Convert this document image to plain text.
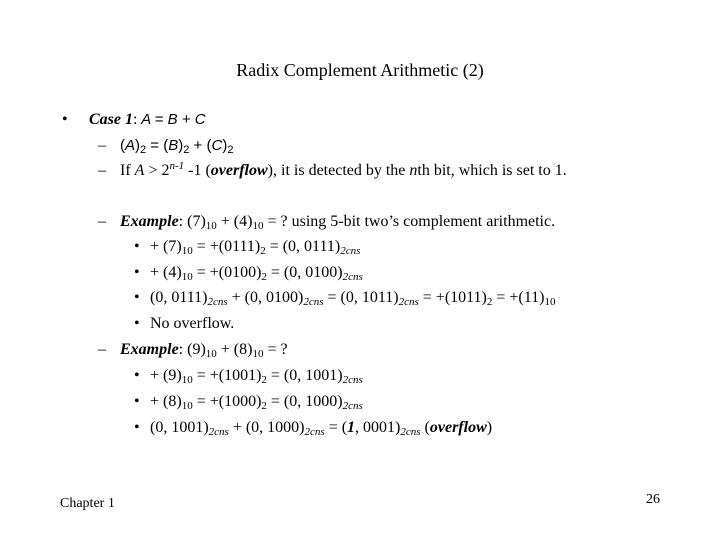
Radix Complement Arithmetic (2)
• Case 1: A = B + C
– $(A)_2 = (B)_2 + (C)_2$
– If $A > 2^{n-1}$ -1 (overflow), it is detected by the nth bit, which is set to 1.
– Example: $(7)_{10} + (4)_{10}$ = ? using 5-bit two’s complement arithmetic.
• + $(7)_{10} = +(0111)_2 = (0$, $0111)_{2cns}$
• + $(4)_{10} = +(0100)_2 = (0$, $0100)_{2cns}$
• (0, $0111)_{2cns} + (0$, $0100)_{2cns} = (0$, $1011)_{2cns} = +(1011)_2 = +(11)_{10}$
• No overflow.
– Example: $(9)_{10} + (8)_{10}$ = ?
• + $(9)_{10} = +(1001)_2 = (0$, $1001)_{2cns}$
• + $(8)_{10} = +(1000)_2 = (0$, $1000)_{2cns}$
• (0, $1001)_{2cns} + (0$, $1000)_{2cns} = (1$, $0001)_{2cns}$ (overflow)
Chapter 1	26
